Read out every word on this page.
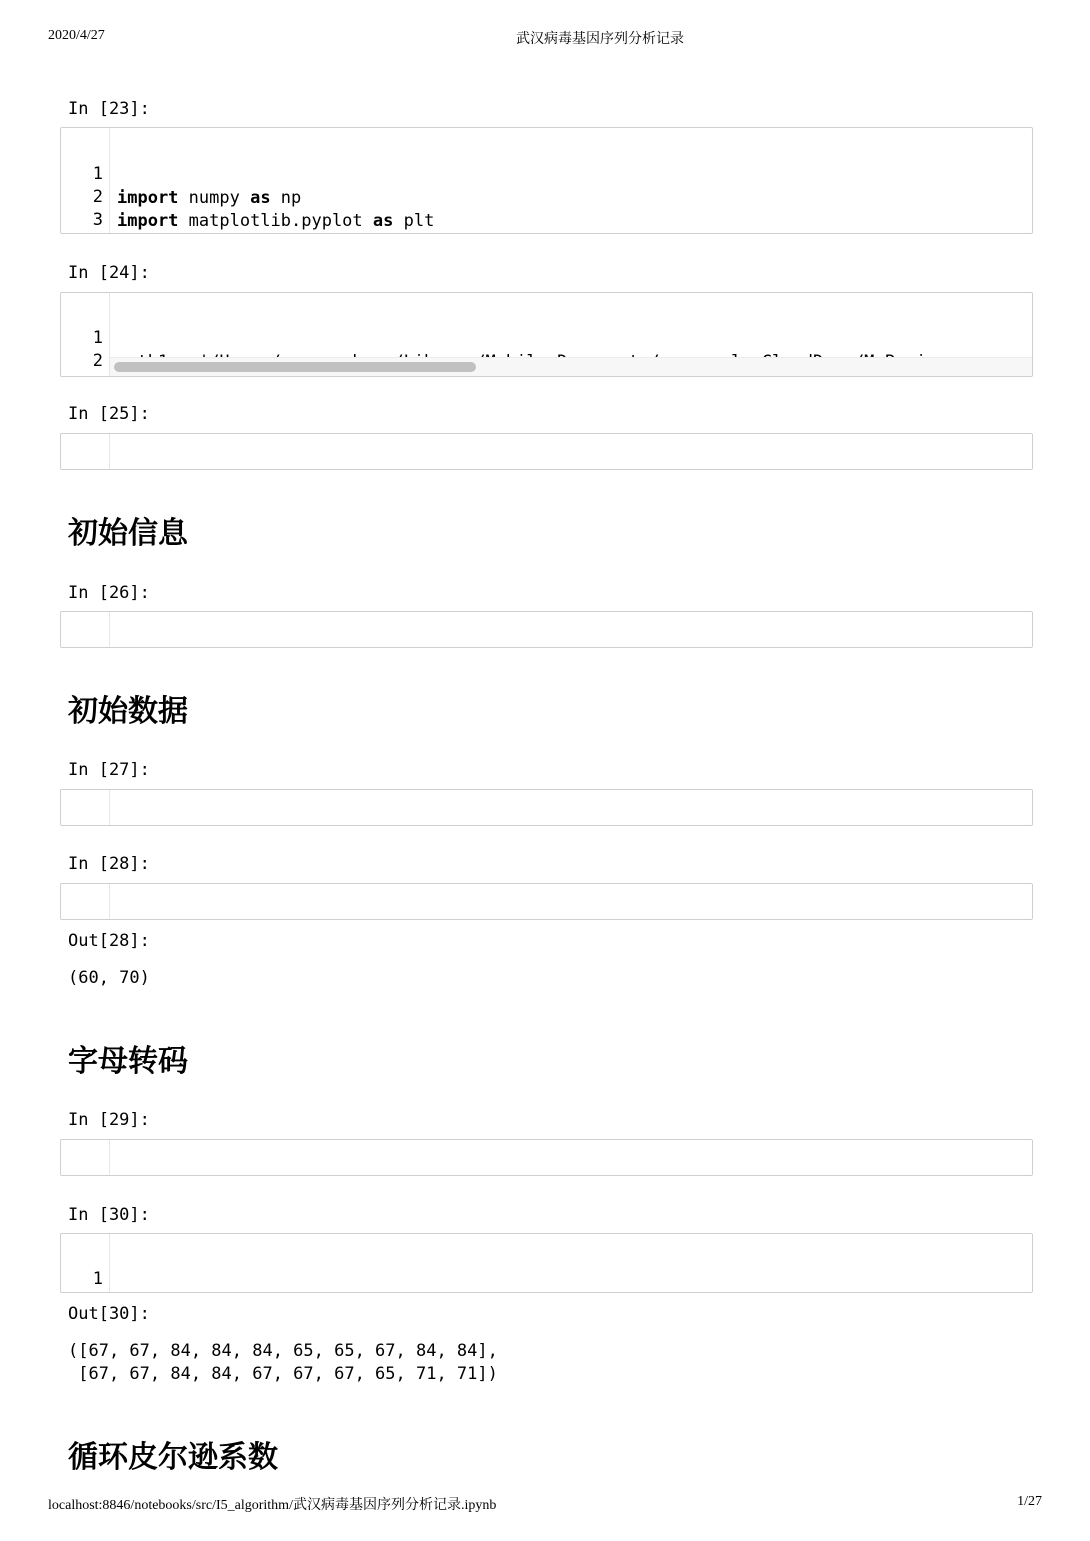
2020/4/27	武汉病毒基因序列分析记录
In [23]:

1

import numpy as np

2

import matplotlib.pyplot as plt

3

In [24]:

1

2

In [25]:

初始信息
In [26]:

初始数据
In [27]:

In [28]:

Out[28]:
(60, 70)
字母转码
In [29]:

In [30]:

1

Out[30]:
([67, 67, 84, 84, 84, 65, 65, 67, 84, 84],
[67, 67, 84, 84, 67, 67, 67, 65, 71, 71])
循环皮尔逊系数
localhost:8846/notebooks/src/I5_algorithm/武汉病毒基因序列分析记录.ipynb	1/27
